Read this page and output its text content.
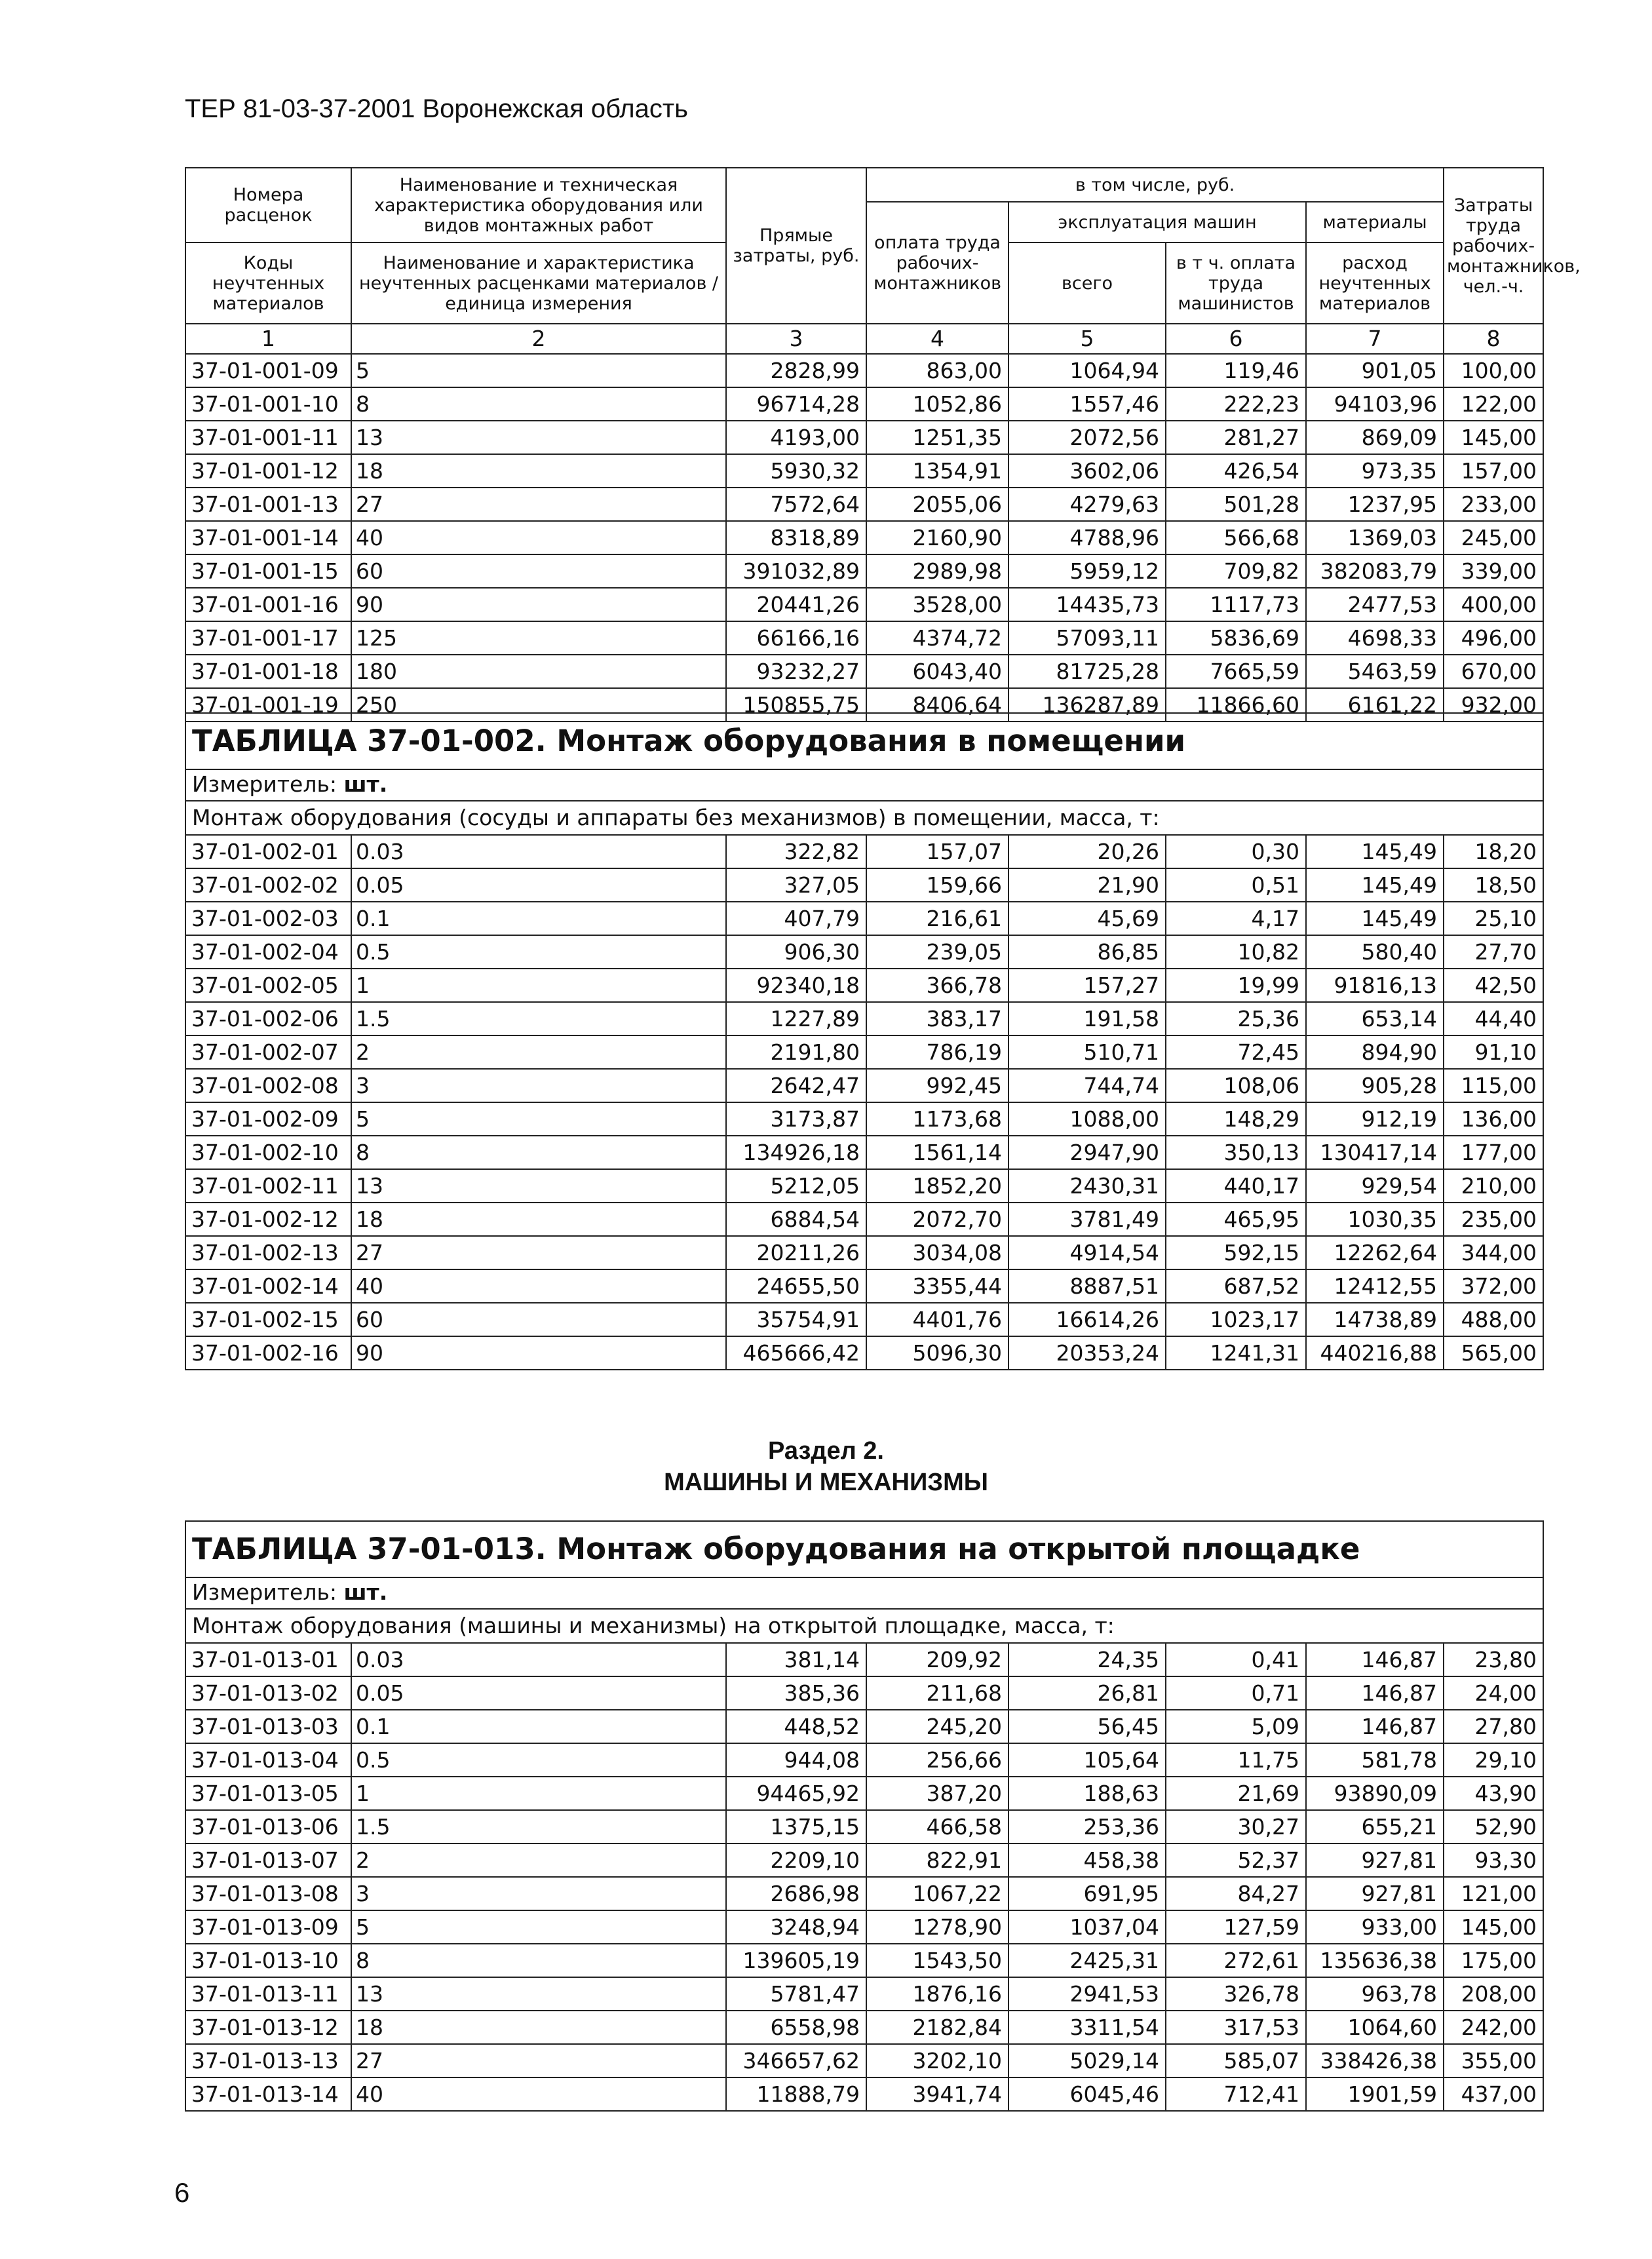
ТЕР 81-03-37-2001 Воронежская область
Номера расценок	Наименование и техническая характеристика оборудования или видов монтажных работ	Прямые затраты, руб.	в том числе, руб.				Затраты труда рабочих-монтажников, чел.-ч.
			оплата труда рабочих-монтажников	эксплуатация машин		материалы	
Коды неучтенных материалов	Наименование и характеристика неучтенных расценками материалов / единица измерения			всего	в т ч. оплата труда машинистов	расход неучтенных материалов	

1	2	3	4	5	6	7	8
37-01-001-09	5	2828,99	863,00	1064,94	119,46	901,05	100,00
37-01-001-10	8	96714,28	1052,86	1557,46	222,23	94103,96	122,00
37-01-001-11	13	4193,00	1251,35	2072,56	281,27	869,09	145,00
37-01-001-12	18	5930,32	1354,91	3602,06	426,54	973,35	157,00
37-01-001-13	27	7572,64	2055,06	4279,63	501,28	1237,95	233,00
37-01-001-14	40	8318,89	2160,90	4788,96	566,68	1369,03	245,00
37-01-001-15	60	391032,89	2989,98	5959,12	709,82	382083,79	339,00
37-01-001-16	90	20441,26	3528,00	14435,73	1117,73	2477,53	400,00
37-01-001-17	125	66166,16	4374,72	57093,11	5836,69	4698,33	496,00
37-01-001-18	180	93232,27	6043,40	81725,28	7665,59	5463,59	670,00
37-01-001-19	250	150855,75	8406,64	136287,89	11866,60	6161,22	932,00
ТАБЛИЦА 37-01-002. Монтаж оборудования в помещении							
Измеритель: шт.							
Монтаж оборудования (сосуды и аппараты без механизмов) в помещении, масса, т:							
37-01-002-01	0.03	322,82	157,07	20,26	0,30	145,49	18,20
37-01-002-02	0.05	327,05	159,66	21,90	0,51	145,49	18,50
37-01-002-03	0.1	407,79	216,61	45,69	4,17	145,49	25,10
37-01-002-04	0.5	906,30	239,05	86,85	10,82	580,40	27,70
37-01-002-05	1	92340,18	366,78	157,27	19,99	91816,13	42,50
37-01-002-06	1.5	1227,89	383,17	191,58	25,36	653,14	44,40
37-01-002-07	2	2191,80	786,19	510,71	72,45	894,90	91,10
37-01-002-08	3	2642,47	992,45	744,74	108,06	905,28	115,00
37-01-002-09	5	3173,87	1173,68	1088,00	148,29	912,19	136,00
37-01-002-10	8	134926,18	1561,14	2947,90	350,13	130417,14	177,00
37-01-002-11	13	5212,05	1852,20	2430,31	440,17	929,54	210,00
37-01-002-12	18	6884,54	2072,70	3781,49	465,95	1030,35	235,00
37-01-002-13	27	20211,26	3034,08	4914,54	592,15	12262,64	344,00
37-01-002-14	40	24655,50	3355,44	8887,51	687,52	12412,55	372,00
37-01-002-15	60	35754,91	4401,76	16614,26	1023,17	14738,89	488,00
37-01-002-16	90	465666,42	5096,30	20353,24	1241,31	440216,88	565,00
Раздел 2.
МАШИНЫ И МЕХАНИЗМЫ
ТАБЛИЦА 37-01-013. Монтаж оборудования на открытой площадке							
Измеритель: шт.							
Монтаж оборудования (машины и механизмы) на открытой площадке, масса, т:							
37-01-013-01	0.03	381,14	209,92	24,35	0,41	146,87	23,80
37-01-013-02	0.05	385,36	211,68	26,81	0,71	146,87	24,00
37-01-013-03	0.1	448,52	245,20	56,45	5,09	146,87	27,80
37-01-013-04	0.5	944,08	256,66	105,64	11,75	581,78	29,10
37-01-013-05	1	94465,92	387,20	188,63	21,69	93890,09	43,90
37-01-013-06	1.5	1375,15	466,58	253,36	30,27	655,21	52,90
37-01-013-07	2	2209,10	822,91	458,38	52,37	927,81	93,30
37-01-013-08	3	2686,98	1067,22	691,95	84,27	927,81	121,00
37-01-013-09	5	3248,94	1278,90	1037,04	127,59	933,00	145,00
37-01-013-10	8	139605,19	1543,50	2425,31	272,61	135636,38	175,00
37-01-013-11	13	5781,47	1876,16	2941,53	326,78	963,78	208,00
37-01-013-12	18	6558,98	2182,84	3311,54	317,53	1064,60	242,00
37-01-013-13	27	346657,62	3202,10	5029,14	585,07	338426,38	355,00
37-01-013-14	40	11888,79	3941,74	6045,46	712,41	1901,59	437,00
6
